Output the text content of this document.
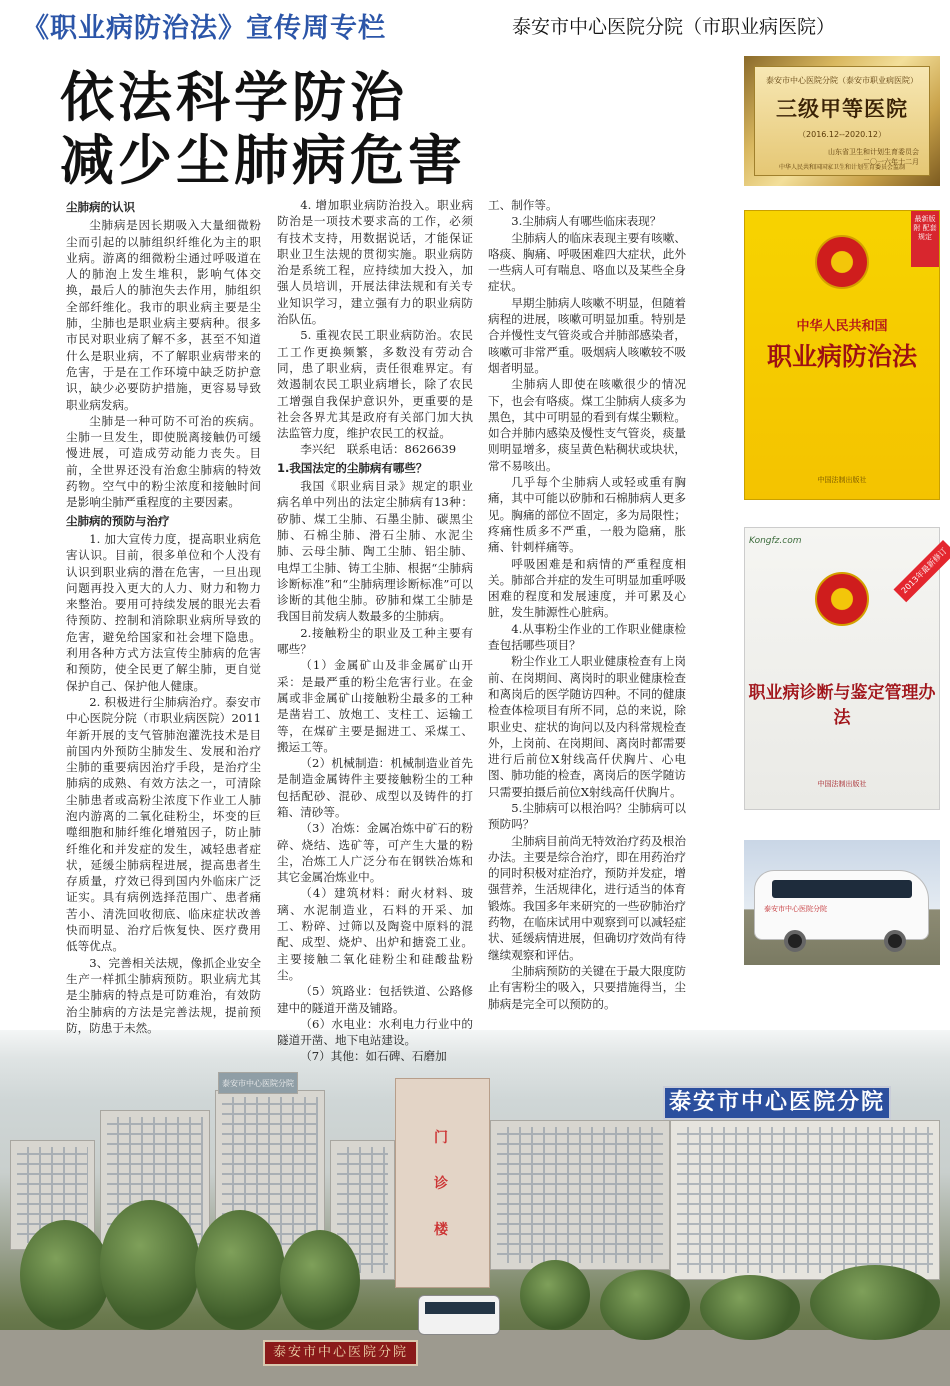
《职业病防治法》宣传周专栏	泰安市中心医院分院（市职业病医院）
依法科学防治
减少尘肺病危害
泰安市中心医院分院
门诊楼
泰安市中心医院分院
泰安市中心医院分院

尘肺病的认识

尘肺病是因长期吸入大量细微粉尘而引起的以肺组织纤维化为主的职业病。游离的细微粉尘通过呼吸道在人的肺泡上发生堆积，影响气体交换，最后人的肺泡失去作用，肺组织全部纤维化。我市的职业病主要是尘肺，尘肺也是职业病主要病种。很多市民对职业病了解不多，甚至不知道什么是职业病，不了解职业病带来的危害，于是在工作环境中缺乏防护意识，缺少必要防护措施，更容易导致职业病发病。

尘肺是一种可防不可治的疾病。尘肺一旦发生，即使脱离接触仍可缓慢进展，可造成劳动能力丧失。目前，全世界还没有治愈尘肺病的特效药物。空气中的粉尘浓度和接触时间是影响尘肺严重程度的主要因素。

尘肺病的预防与治疗

1. 加大宣传力度，提高职业病危害认识。目前，很多单位和个人没有认识到职业病的潜在危害，一旦出现问题再投入更大的人力、财力和物力来整治。要用可持续发展的眼光去看待预防、控制和消除职业病所导致的危害，避免给国家和社会埋下隐患。利用各种方式方法宣传尘肺病的危害和预防，使全民更了解尘肺，更自觉保护自己、保护他人健康。

2. 积极进行尘肺病治疗。泰安市中心医院分院（市职业病医院）2011年新开展的支气管肺泡灌洗技术是目前国内外预防尘肺发生、发展和治疗尘肺的重要病因治疗手段，是治疗尘肺病的成熟、有效方法之一，可清除尘肺患者或高粉尘浓度下作业工人肺泡内游离的二氧化硅粉尘，坏变的巨噬细胞和肺纤维化增殖因子，防止肺纤维化和并发症的发生，减轻患者症状，延缓尘肺病程进展，提高患者生存质量，疗效已得到国内外临床广泛证实。具有病例选择范围广、患者痛苦小、清洗回收彻底、临床症状改善快而明显、治疗后恢复快、医疗费用低等优点。

3、完善相关法规，像抓企业安全生产一样抓尘肺病预防。职业病尤其是尘肺病的特点是可防难治，有效防治尘肺病的方法是完善法规，提前预防，防患于未然。

4. 增加职业病防治投入。职业病防治是一项技术要求高的工作，必须有技术支持，用数据说话，才能保证职业卫生法规的贯彻实施。职业病防治是系统工程，应持续加大投入，加强人员培训，开展法律法规和有关专业知识学习，建立强有力的职业病防治队伍。

5. 重视农民工职业病防治。农民工工作更换频繁，多数没有劳动合同，患了职业病，责任很难界定。有效遏制农民工职业病增长，除了农民工增强自我保护意识外，更重要的是社会各界尤其是政府有关部门加大执法监管力度，维护农民工的权益。

李兴纪　联系电话：8626639

1.我国法定的尘肺病有哪些？

我国《职业病目录》规定的职业病名单中列出的法定尘肺病有13种：矽肺、煤工尘肺、石墨尘肺、碳黑尘肺、石棉尘肺、滑石尘肺、水泥尘肺、云母尘肺、陶工尘肺、铝尘肺、电焊工尘肺、铸工尘肺、根据“尘肺病诊断标准”和“尘肺病理诊断标准”可以诊断的其他尘肺。矽肺和煤工尘肺是我国目前发病人数最多的尘肺病。

2.接触粉尘的职业及工种主要有哪些？

（1）金属矿山及非金属矿山开采：是最严重的粉尘危害行业。在金属或非金属矿山接触粉尘最多的工种是凿岩工、放炮工、支柱工、运输工等，在煤矿主要是掘进工、采煤工、搬运工等。

（2）机械制造：机械制造业首先是制造金属铸件主要接触粉尘的工种包括配砂、混砂、成型以及铸件的打箱、清砂等。

（3）冶炼：金属冶炼中矿石的粉碎、烧结、选矿等，可产生大量的粉尘，冶炼工人广泛分布在钢铁冶炼和其它金属冶炼业中。

（4）建筑材料：耐火材料、玻璃、水泥制造业，石料的开采、加工、粉碎、过筛以及陶瓷中原料的混配、成型、烧炉、出炉和搪瓷工业。主要接触二氧化硅粉尘和硅酸盐粉尘。

（5）筑路业：包括铁道、公路修建中的隧道开凿及铺路。

（6）水电业：水利电力行业中的隧道开凿、地下电站建设。

（7）其他：如石碑、石磨加

工、制作等。

3.尘肺病人有哪些临床表现？

尘肺病人的临床表现主要有咳嗽、咯痰、胸痛、呼吸困难四大症状，此外一些病人可有喘息、咯血以及某些全身症状。

早期尘肺病人咳嗽不明显，但随着病程的进展，咳嗽可明显加重。特别是合并慢性支气管炎或合并肺部感染者，咳嗽可非常严重。吸烟病人咳嗽较不吸烟者明显。

尘肺病人即使在咳嗽很少的情况下，也会有咯痰。煤工尘肺病人痰多为黑色，其中可明显的看到有煤尘颗粒。如合并肺内感染及慢性支气管炎，痰量则明显增多，痰呈黄色粘稠状或块状，常不易咳出。

几乎每个尘肺病人或轻或重有胸痛，其中可能以矽肺和石棉肺病人更多见。胸痛的部位不固定，多为局限性；疼痛性质多不严重，一般为隐痛，胀痛、针刺样痛等。

呼吸困难是和病情的严重程度相关。肺部合并症的发生可明显加重呼吸困难的程度和发展速度，并可累及心脏，发生肺源性心脏病。

4.从事粉尘作业的工作职业健康检查包括哪些项目？

粉尘作业工人职业健康检查有上岗前、在岗期间、离岗时的职业健康检查和离岗后的医学随访四种。不同的健康检查体检项目有所不同，总的来说，除职业史、症状的询问以及内科常规检查外，上岗前、在岗期间、离岗时都需要进行后前位X射线高仟伏胸片、心电图、肺功能的检查，离岗后的医学随访只需要拍摄后前位X射线高仟伏胸片。

5.尘肺病可以根治吗？尘肺病可以预防吗？

尘肺病目前尚无特效治疗药及根治办法。主要是综合治疗，即在用药治疗的同时积极对症治疗，预防并发症，增强营养，生活规律化，进行适当的体育锻炼。我国多年来研究的一些矽肺治疗药物，在临床试用中观察到可以减轻症状、延缓病情进展，但确切疗效尚有待继续观察和评估。

尘肺病预防的关键在于最大限度防止有害粉尘的吸入，只要措施得当，尘肺病是完全可以预防的。

泰安市中心医院分院（泰安市职业病医院）
三级甲等医院
（2016.12--2020.12）
山东省卫生和计划生育委员会
二〇一六年十二月
中华人民共和国国家卫生和计划生育委员会监制
最新版 附 配套规定
中华人民共和国
职业病防治法
中国法制出版社
Kongfz.com
2013年最新修订
职业病诊断与鉴定管理办法
中国法制出版社
泰安市中心医院分院
